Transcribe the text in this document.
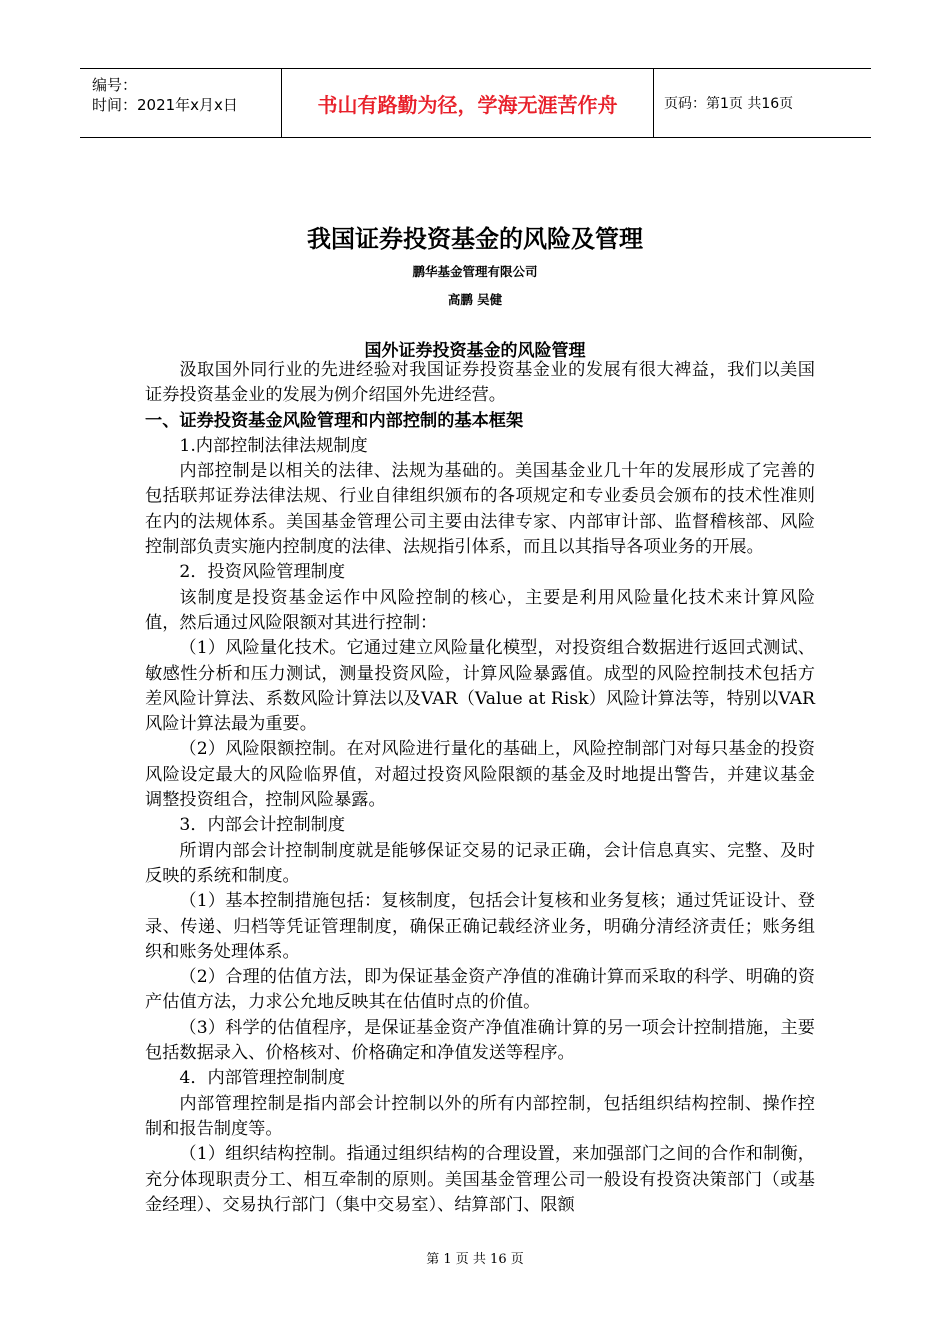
编号：
时间：2021年x月x日	书山有路勤为径，学海无涯苦作舟	页码：第1页 共16页
我国证券投资基金的风险及管理
鹏华基金管理有限公司
高鹏 吴健
国外证券投资基金的风险管理

汲取国外同行业的先进经验对我国证券投资基金业的发展有很大裨益，我们以美国证券投资基金业的发展为例介绍国外先进经营。

一、证券投资基金风险管理和内部控制的基本框架

1.内部控制法律法规制度

内部控制是以相关的法律、法规为基础的。美国基金业几十年的发展形成了完善的包括联邦证券法律法规、行业自律组织颁布的各项规定和专业委员会颁布的技术性准则在内的法规体系。美国基金管理公司主要由法律专家、内部审计部、监督稽核部、风险控制部负责实施内控制度的法律、法规指引体系，而且以其指导各项业务的开展。

2．投资风险管理制度

该制度是投资基金运作中风险控制的核心，主要是利用风险量化技术来计算风险值，然后通过风险限额对其进行控制：

（1）风险量化技术。它通过建立风险量化模型，对投资组合数据进行返回式测试、敏感性分析和压力测试，测量投资风险，计算风险暴露值。成型的风险控制技术包括方差风险计算法、系数风险计算法以及VAR（Value at Risk）风险计算法等，特别以VAR风险计算法最为重要。

（2）风险限额控制。在对风险进行量化的基础上，风险控制部门对每只基金的投资风险设定最大的风险临界值，对超过投资风险限额的基金及时地提出警告，并建议基金调整投资组合，控制风险暴露。

3．内部会计控制制度

所谓内部会计控制制度就是能够保证交易的记录正确，会计信息真实、完整、及时反映的系统和制度。

（1）基本控制措施包括：复核制度，包括会计复核和业务复核；通过凭证设计、登录、传递、归档等凭证管理制度，确保正确记载经济业务，明确分清经济责任；账务组织和账务处理体系。

（2）合理的估值方法，即为保证基金资产净值的准确计算而采取的科学、明确的资产估值方法，力求公允地反映其在估值时点的价值。

（3）科学的估值程序，是保证基金资产净值准确计算的另一项会计控制措施，主要包括数据录入、价格核对、价格确定和净值发送等程序。

4．内部管理控制制度

内部管理控制是指内部会计控制以外的所有内部控制，包括组织结构控制、操作控制和报告制度等。

（1）组织结构控制。指通过组织结构的合理设置，来加强部门之间的合作和制衡，充分体现职责分工、相互牵制的原则。美国基金管理公司一般设有投资决策部门（或基金经理）、交易执行部门（集中交易室）、结算部门、限额

第 1 页 共 16 页
